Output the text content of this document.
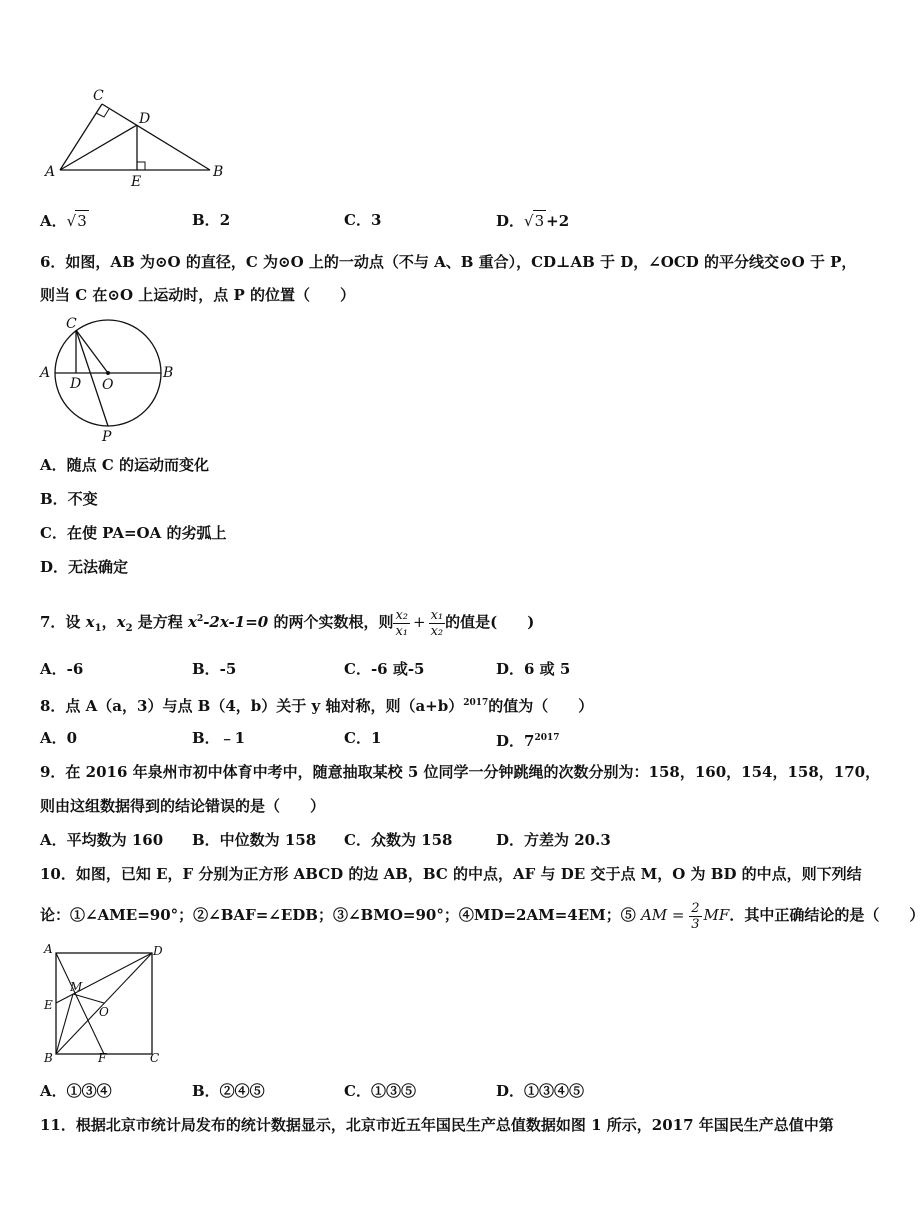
C
D
A
E
B
A．√3	B．2	C．3	D．√3 +2
6．如图，AB 为⊙O 的直径，C 为⊙O 上的一动点（不与 A、B 重合），CD⊥AB 于 D，∠OCD 的平分线交⊙O 于 P，
则当 C 在⊙O 上运动时，点 P 的位置（　　）
C
A
D O
B
P
A．随点 C 的运动而变化
B．不变
C．在使 PA=OA 的劣弧上
D．无法确定
7．设 $x_1$，$x_2$ 是方程 $x^2-2x-1=0$ 的两个实数根，则 $\frac{\text{x₂}}{\text{x₁}} + \frac{\text{x₁}}{\text{x₂}}$ 的值是(　　)
A．-6	B．-5	C．-6 或-5	D．6 或 5
8．点 A（a，3）与点 B（4，b）关于 y 轴对称，则$(a+b)^{2017}$的值为（　　）
A．0	B．﹣1	C．1	D．$7^{2017}$
9．在 2016 年泉州市初中体育中考中，随意抽取某校 5 位同学一分钟跳绳的次数分别为：158，160，154，158，170，
则由这组数据得到的结论错误的是（　　）
A．平均数为 160 B．中位数为 158 C．众数为 158	D．方差为 20.3
10．如图，已知 E，F 分别为正方形 ABCD 的边 AB，BC 的中点，AF 与 DE 交于点 M，O 为 BD 的中点，则下列结
论：①∠AME=90°；②∠BAF=∠EDB；③∠BMO=90°；④MD=2AM=4EM；⑤ AM = $\frac{2}{3}$ MF．其中正确结论的是（　　）
A	D
M
E	O
B	F	C
A．①③④	B．②④⑤	C．①③⑤	D．①③④⑤
11．根据北京市统计局发布的统计数据显示，北京市近五年国民生产总值数据如图 1 所示，2017 年国民生产总值中第
